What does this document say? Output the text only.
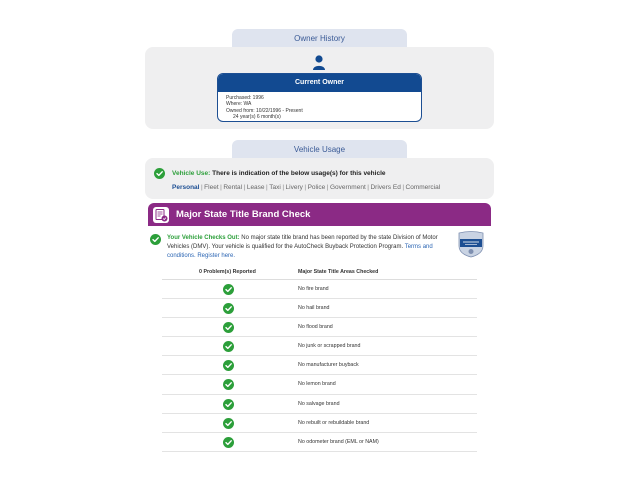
Owner History
Current Owner
Purchased: 1996
Where: WA
Owned from: 10/22/1996 - Present
24 year(s) 6 month(s)
Vehicle Usage
Vehicle Use: There is indication of the below usage(s) for this vehicle
Personal | Fleet | Rental | Lease | Taxi | Livery | Police | Government | Drivers Ed | Commercial
Major State Title Brand Check
Your Vehicle Checks Out: No major state title brand has been reported by the state Division of Motor Vehicles (DMV). Your vehicle is qualified for the AutoCheck Buyback Protection Program. Terms and conditions. Register here.
0 Problem(s) Reported	Major State Title Areas Checked
No fire brand
No hail brand
No flood brand
No junk or scrapped brand
No manufacturer buyback
No lemon brand
No salvage brand
No rebuilt or rebuildable brand
No odometer brand (EML or NAM)
